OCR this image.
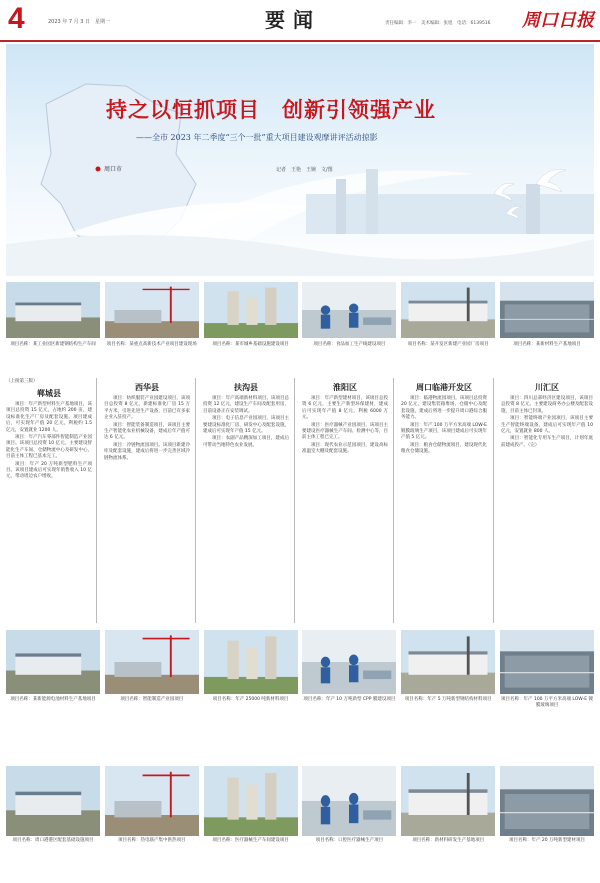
4	2023 年 7 月 3 日　星期一	要闻	责任编辑：李一　美术编辑：张旭　电话：6139516 周口日报
持之以恒抓项目　创新引领强产业
——全市 2023 年二季度“三个一批”重大项目建设观摩讲评活动掠影
记者　王艳　王婉　文/图
周口市
项目名称：某工业园区新建钢结构生产车间	项目名称：某重点高新技术产业项目建设现场	项目名称：某市城乡基础设施建设项目	项目名称：食品加工生产线建设项目	项目名称：某开发区新建产业园厂房项目	项目名称：某新材料生产基地项目
（上接第三版）
郸城县

项目：年产新型材料生产基地项目，该项目总投资 15 亿元，占地约 200 亩，建设标准化生产厂房及配套设施。项目建成后，可实现年产值 20 亿元，利税约 1.5 亿元，安置就业 1200 人。

项目：年产汽车零部件智能制造产业园项目。该项目总投资 10 亿元，主要建设智能化生产车间、仓储物流中心及研发中心，目前主体工程已基本完工。

项目：年产 20 万吨新型肥料生产项目。该项目建成后可实现年销售收入 10 亿元，带动周边农户增收。

西华县

项目：纺织服装产业园建设项目，该项目总投资 8 亿元，新建标准化厂房 15 万平方米，引进先进生产设备，目前已有多家企业入驻投产。

项目：智能装备制造项目，该项目主要生产智能化农业机械设备，建成后年产值可达 6 亿元。

项目：冷链物流园项目。该项目新建冷库及配套设施，建成后将进一步完善区域冷链物流体系。

扶沟县

项目：年产高端新材料项目，该项目总投资 12 亿元，建设生产车间及配套用房，目前设备正在安装调试。

项目：电子信息产业园项目，该项目主要建设标准化厂房、研发中心及配套设施，建成后可实现年产值 15 亿元。

项目：农副产品精深加工项目，建成后可带动当地特色农业发展。

淮阳区

项目：年产新型建材项目，该项目总投资 6 亿元，主要生产新型环保建材，建成后可实现年产值 8 亿元，利税 6000 万元。

项目：医疗器械产业园项目，该项目主要建设医疗器械生产车间、检测中心等，目前主体工程已完工。

项目：现代农业示范园项目，建设高标准温室大棚及配套设施。

周口临港开发区

项目：临港物流园项目，该项目总投资 20 亿元，建设集装箱堆场、仓储中心及配套设施，建成后将进一步提升周口港综合服务能力。

项目：年产 100 万平方米高端 LOW-E 镀膜玻璃生产项目，该项目建成后可实现年产值 5 亿元。

项目：粮食仓储物流项目，建设现代化粮食仓储设施。

川汇区

项目：四川总部经济区建设项目，该项目总投资 8 亿元，主要建设商务办公楼及配套设施，目前主体已封顶。

项目：智能终端产业园项目，该项目主要生产智能终端设备，建成后可实现年产值 10 亿元，安置就业 800 人。

项目：智能化专用车生产项目，计划年底前建成投产。（完）

项目名称：某新能源电池材料生产基地项目	项目名称：智能制造产业园项目	项目名称：年产 25000 吨新材料项目	项目名称：年产 10 万吨新型 CPP 膜建设项目	项目名称：年产 5 万吨新型钢结构材料项目	项目名称：年产 100 万平方米高端 LOW-E 镀膜玻璃项目
项目名称：周口港港区配套基础设施项目	项目名称：热电联产集中供热项目	项目名称：医疗器械生产车间建设项目	项目名称：口腔医疗器械生产项目	项目名称：新材料研发生产基地项目	项目名称：年产 20 万吨新型建材项目
